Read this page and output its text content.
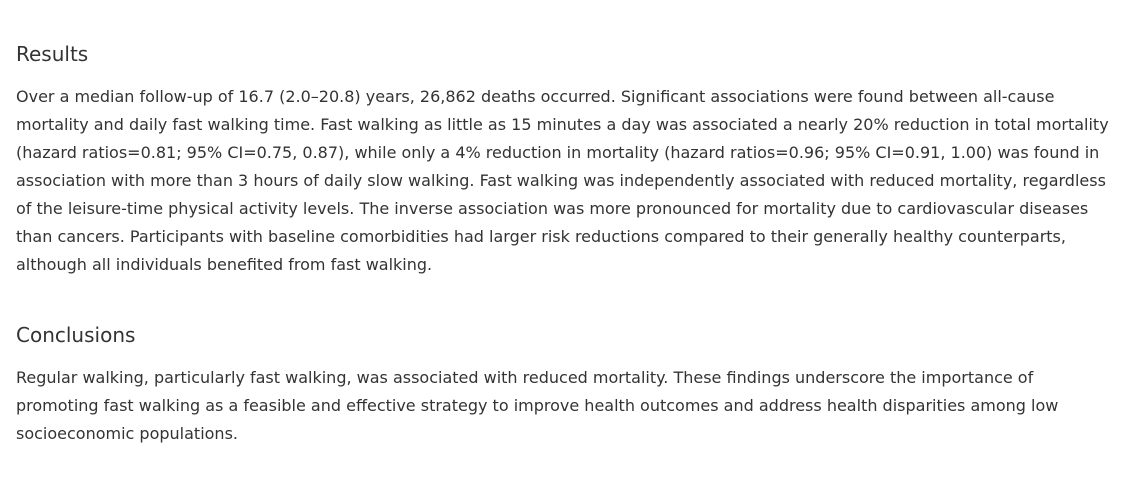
Results

Over a median follow-up of 16.7 (2.0–20.8) years, 26,862 deaths occurred. Significant associations were found between all-cause mortality and daily fast walking time. Fast walking as little as 15 minutes a day was associated a nearly 20% reduction in total mortality (hazard ratios=0.81; 95% CI=0.75, 0.87), while only a 4% reduction in mortality (hazard ratios=0.96; 95% CI=0.91, 1.00) was found in association with more than 3 hours of daily slow walking. Fast walking was independently associated with reduced mortality, regardless of the leisure-time physical activity levels. The inverse association was more pronounced for mortality due to cardiovascular diseases than cancers. Participants with baseline comorbidities had larger risk reductions compared to their generally healthy counterparts, although all individuals benefited from fast walking.

Conclusions

Regular walking, particularly fast walking, was associated with reduced mortality. These findings underscore the importance of promoting fast walking as a feasible and effective strategy to improve health outcomes and address health disparities among low socioeconomic populations.
